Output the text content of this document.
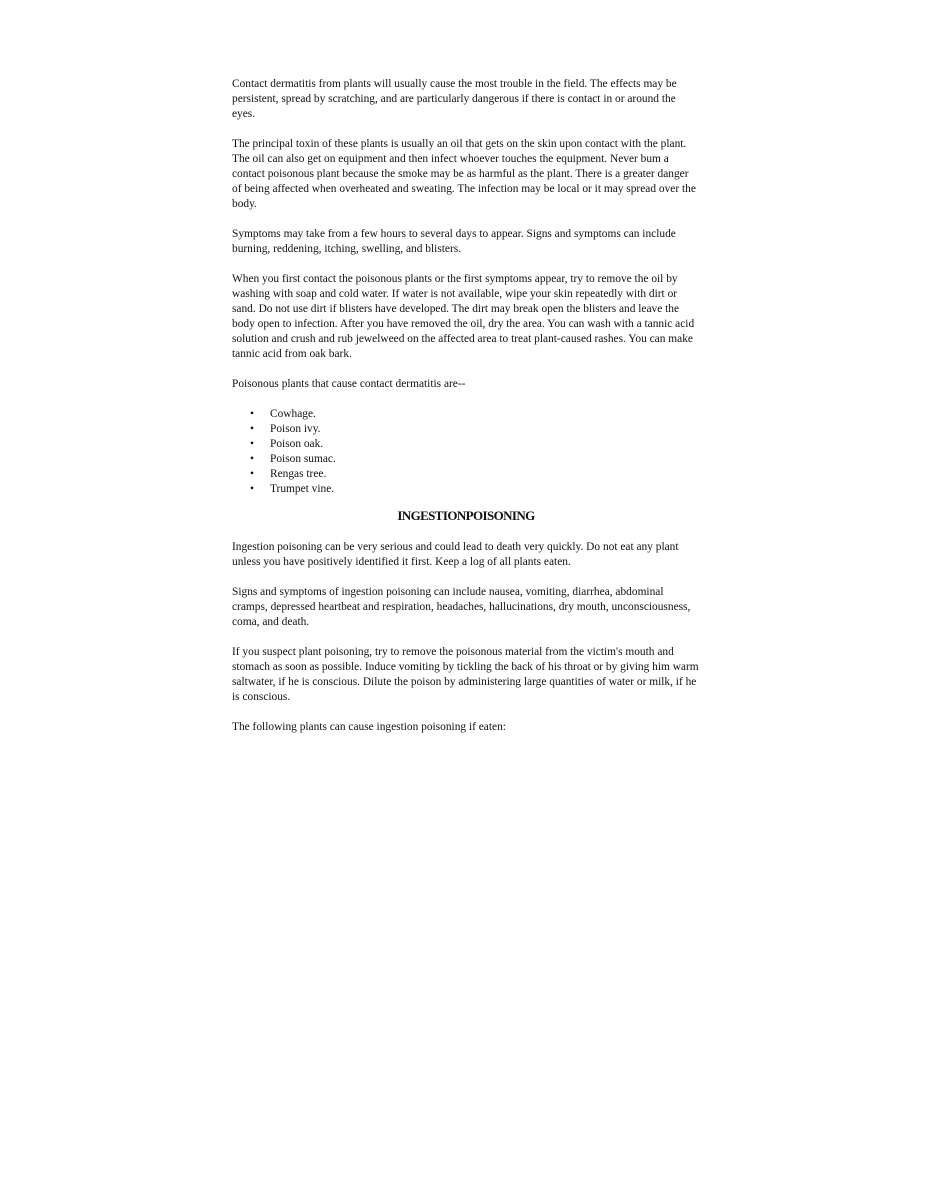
Contact dermatitis from plants will usually cause the most trouble in the field. The effects may be persistent, spread by scratching, and are particularly dangerous if there is contact in or around the eyes.

The principal toxin of these plants is usually an oil that gets on the skin upon contact with the plant. The oil can also get on equipment and then infect whoever touches the equipment. Never bum a contact poisonous plant because the smoke may be as harmful as the plant. There is a greater danger of being affected when overheated and sweating. The infection may be local or it may spread over the body.

Symptoms may take from a few hours to several days to appear. Signs and symptoms can include burning, reddening, itching, swelling, and blisters.

When you first contact the poisonous plants or the first symptoms appear, try to remove the oil by washing with soap and cold water. If water is not available, wipe your skin repeatedly with dirt or sand. Do not use dirt if blisters have developed. The dirt may break open the blisters and leave the body open to infection. After you have removed the oil, dry the area. You can wash with a tannic acid solution and crush and rub jewelweed on the affected area to treat plant-caused rashes. You can make tannic acid from oak bark.

Poisonous plants that cause contact dermatitis are--

• Cowhage.
• Poison ivy.
• Poison oak.
• Poison sumac.
• Rengas tree.
• Trumpet vine.
INGESTIONPOISONING

Ingestion poisoning can be very serious and could lead to death very quickly. Do not eat any plant unless you have positively identified it first. Keep a log of all plants eaten.

Signs and symptoms of ingestion poisoning can include nausea, vomiting, diarrhea, abdominal cramps, depressed heartbeat and respiration, headaches, hallucinations, dry mouth, unconsciousness, coma, and death.

If you suspect plant poisoning, try to remove the poisonous material from the victim's mouth and stomach as soon as possible. Induce vomiting by tickling the back of his throat or by giving him warm saltwater, if he is conscious. Dilute the poison by administering large quantities of water or milk, if he is conscious.

The following plants can cause ingestion poisoning if eaten:
